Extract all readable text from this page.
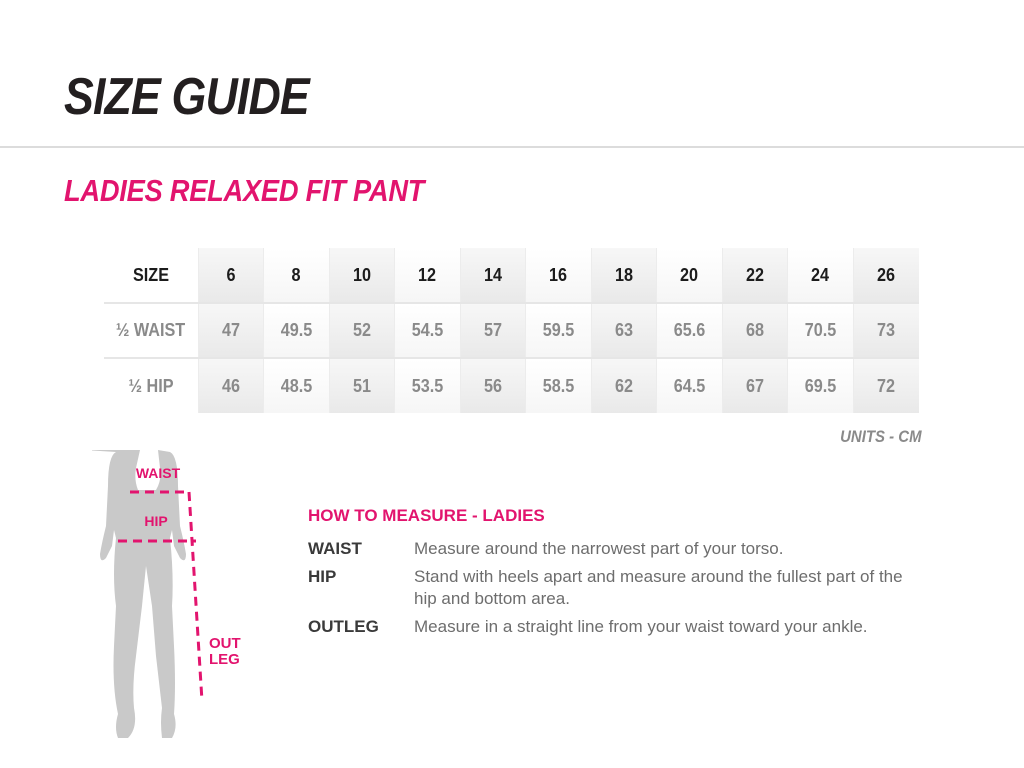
SIZE GUIDE
LADIES RELAXED FIT PANT
SIZE	6	8	10	12	14	16	18	20	22	24	26
½ WAIST	47	49.5	52	54.5	57	59.5	63	65.6	68	70.5	73
½ HIP	46	48.5	51	53.5	56	58.5	62	64.5	67	69.5	72
UNITS - CM
WAIST
HIP
OUT
LEG
HOW TO MEASURE - LADIES
WAIST	Measure around the narrowest part of your torso.
HIP	Stand with heels apart and measure around the fullest part of the hip and bottom area.
OUTLEG	Measure in a straight line from your waist toward your ankle.
